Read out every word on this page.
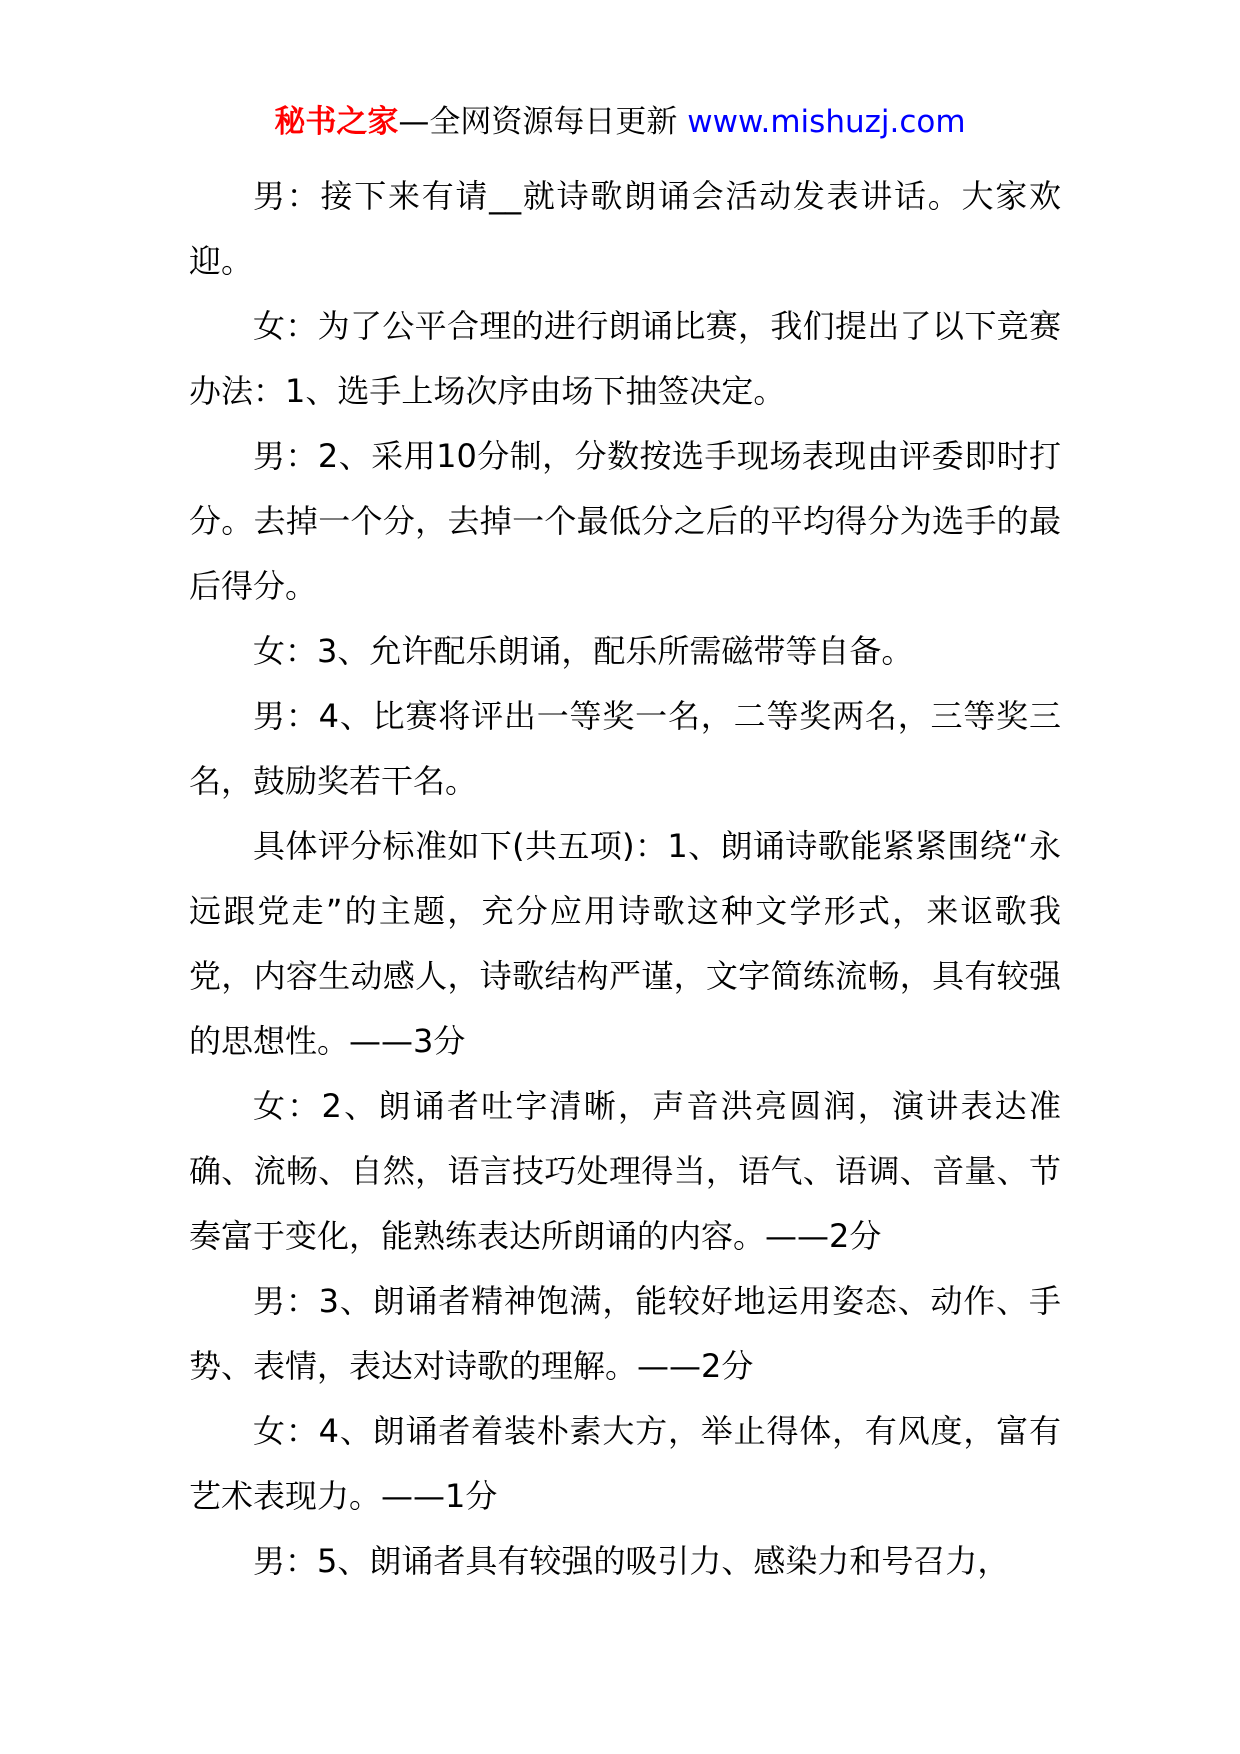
秘书之家—全网资源每日更新 www.mishuzj.com

男：接下来有请__就诗歌朗诵会活动发表讲话。大家欢迎。

女：为了公平合理的进行朗诵比赛，我们提出了以下竞赛办法：1、选手上场次序由场下抽签决定。

男：2、采用10分制，分数按选手现场表现由评委即时打分。去掉一个分，去掉一个最低分之后的平均得分为选手的最后得分。

女：3、允许配乐朗诵，配乐所需磁带等自备。

男：4、比赛将评出一等奖一名，二等奖两名，三等奖三名，鼓励奖若干名。

具体评分标准如下(共五项)：1、朗诵诗歌能紧紧围绕“永远跟党走”的主题，充分应用诗歌这种文学形式，来讴歌我党，内容生动感人，诗歌结构严谨，文字简练流畅，具有较强的思想性。——3分

女：2、朗诵者吐字清晰，声音洪亮圆润，演讲表达准确、流畅、自然，语言技巧处理得当，语气、语调、音量、节奏富于变化，能熟练表达所朗诵的内容。——2分

男：3、朗诵者精神饱满，能较好地运用姿态、动作、手势、表情，表达对诗歌的理解。——2分

女：4、朗诵者着装朴素大方，举止得体，有风度，富有艺术表现力。——1分

男：5、朗诵者具有较强的吸引力、感染力和号召力，
